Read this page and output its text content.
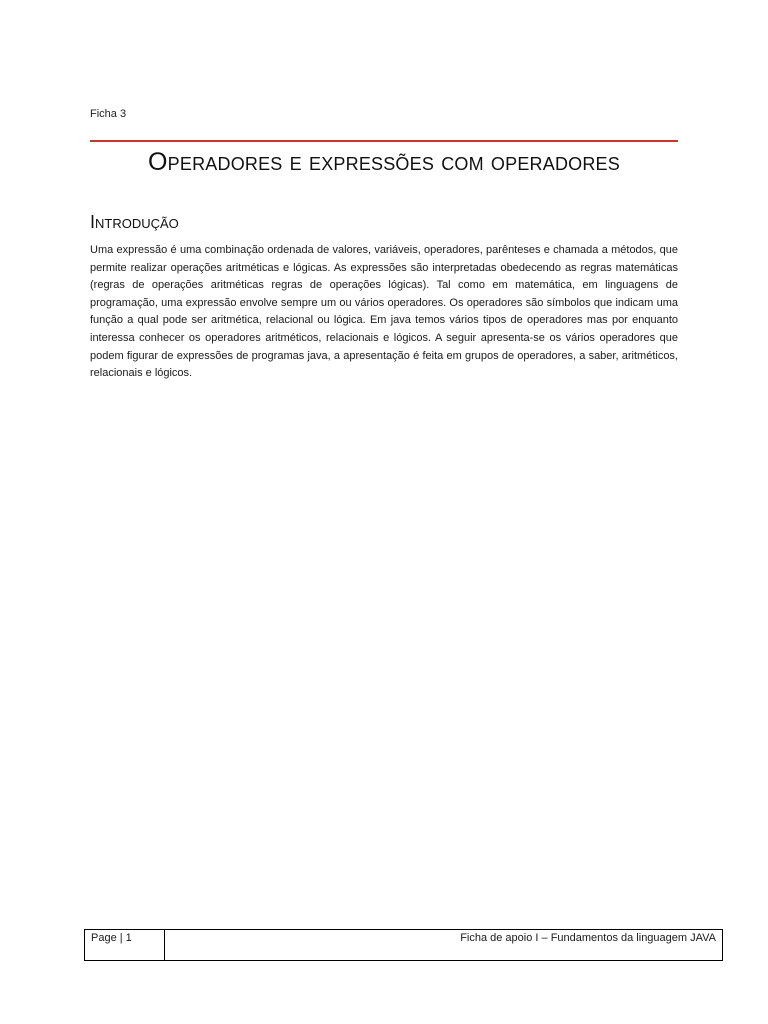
Ficha 3
Operadores e expressões com operadores
Introdução

Uma expressão é uma combinação ordenada de valores, variáveis, operadores, parênteses e chamada a métodos, que permite realizar operações aritméticas e lógicas. As expressões são interpretadas obedecendo as regras matemáticas (regras de operações aritméticas regras de operações lógicas). Tal como em matemática, em linguagens de programação, uma expressão envolve sempre um ou vários operadores. Os operadores são símbolos que indicam uma função a qual pode ser aritmética, relacional ou lógica. Em java temos vários tipos de operadores mas por enquanto interessa conhecer os operadores aritméticos, relacionais e lógicos. A seguir apresenta-se os vários operadores que podem figurar de expressões de programas java, a apresentação é feita em grupos de operadores, a saber, aritméticos, relacionais e lógicos.

Page | 1	Ficha de apoio I – Fundamentos da linguagem JAVA
